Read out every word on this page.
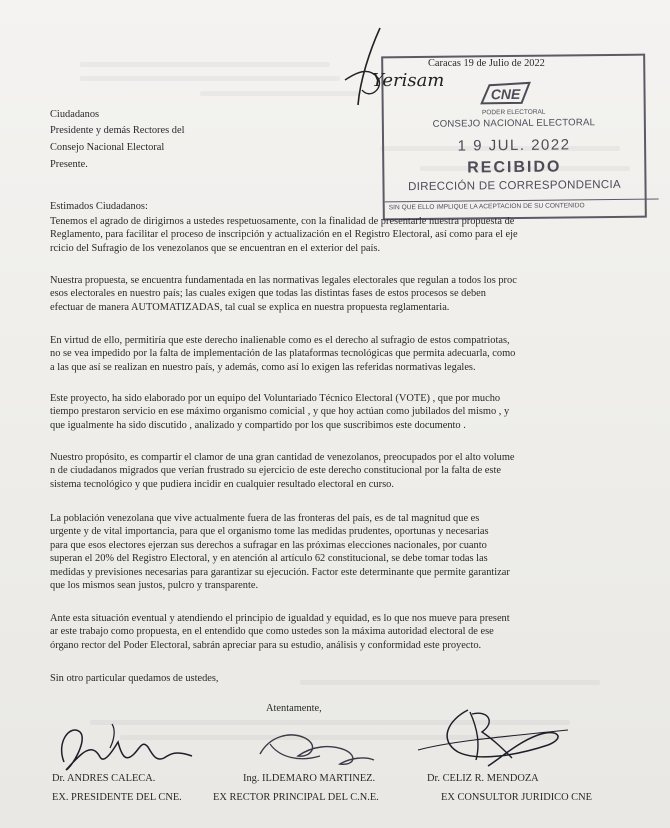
CNE
PODER ELECTORAL
CONSEJO NACIONAL ELECTORAL
1 9 JUL. 2022
RECIBIDO
DIRECCIÓN DE CORRESPONDENCIA
SIN QUE ELLO IMPLIQUE LA ACEPTACION DE SU CONTENIDO
Caracas 19 de Julio de 2022
Yerisam
Ciudadanos
Presidente y demás Rectores del
Consejo Nacional Electoral
Presente.
Estimados Ciudadanos:
Tenemos el agrado de dirigirnos a ustedes respetuosamente, con la finalidad de presentarle nuestra propuesta de
Reglamento, para facilitar el proceso de inscripción y actualización en el Registro Electoral, así como para el eje
rcicio del Sufragio de los venezolanos que se encuentran en el exterior del país.
Nuestra propuesta, se encuentra fundamentada en las normativas legales electorales que regulan a todos los proc
esos electorales en nuestro país; las cuales exigen que todas las distintas fases de estos procesos se deben
efectuar de manera AUTOMATIZADAS, tal cual se explica en nuestra propuesta reglamentaria.
En virtud de ello, permitiría que este derecho inalienable como es el derecho al sufragio de estos compatriotas,
no se vea impedido por la falta de implementación de las plataformas tecnológicas que permita adecuarla, como
a las que así se realizan en nuestro país, y además, como así lo exigen las referidas normativas legales.
Este proyecto, ha sido elaborado por un equipo del Voluntariado Técnico Electoral (VOTE) , que por mucho
tiempo prestaron servicio en ese máximo organismo comicial , y que hoy actúan como jubilados del mismo , y
que igualmente ha sido discutido , analizado y compartido por los que suscribimos este documento .
Nuestro propósito, es compartir el clamor de una gran cantidad de venezolanos, preocupados por el alto volume
n de ciudadanos migrados que verían frustrado su ejercicio de este derecho constitucional por la falta de este
sistema tecnológico y que pudiera incidir en cualquier resultado electoral en curso.
La población venezolana que vive actualmente fuera de las fronteras del país, es de tal magnitud que es
urgente y de vital importancia, para que el organismo tome las medidas prudentes, oportunas y necesarias
para que esos electores ejerzan sus derechos a sufragar en las próximas elecciones nacionales, por cuanto
superan el 20% del Registro Electoral, y en atención al artículo 62 constitucional, se debe tomar todas las
medidas y previsiones necesarias para garantizar su ejecución. Factor este determinante que permite garantizar
que los mismos sean justos, pulcro y transparente.
Ante esta situación eventual y atendiendo el principio de igualdad y equidad, es lo que nos mueve para present
ar este trabajo como propuesta, en el entendido que como ustedes son la máxima autoridad electoral de ese
órgano rector del Poder Electoral, sabrán apreciar para su estudio, análisis y conformidad este proyecto.
Sin otro particular quedamos de ustedes,
Atentamente,
Dr. ANDRES CALECA.
EX. PRESIDENTE DEL CNE.
Ing. ILDEMARO MARTINEZ.
EX RECTOR PRINCIPAL DEL C.N.E.
Dr. CELIZ R. MENDOZA
EX CONSULTOR JURIDICO CNE
